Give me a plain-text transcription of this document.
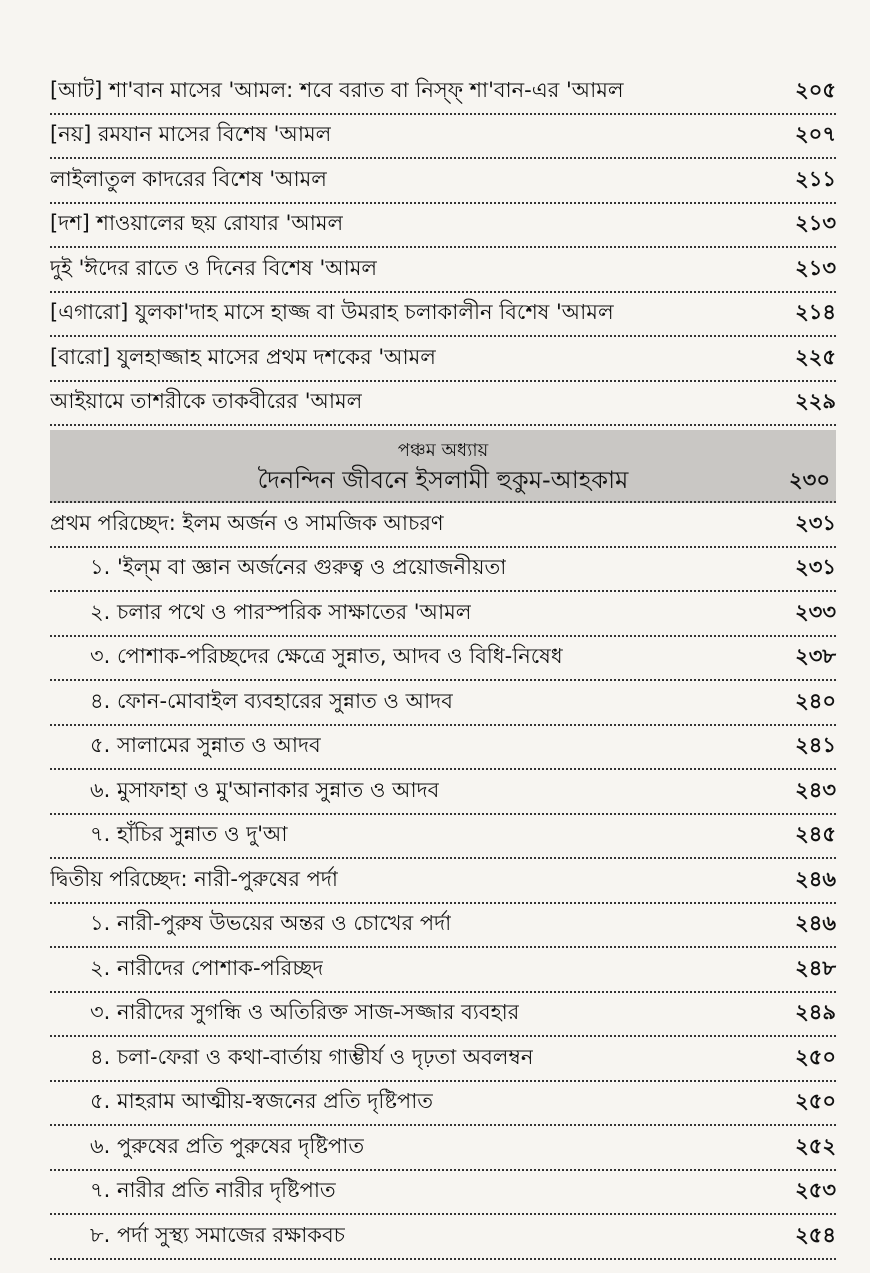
[আট] শা'বান মাসের 'আমল: শবে বরাত বা নিস্‌ফ্ শা'বান-এর 'আমল	২০৫
[নয়] রমযান মাসের বিশেষ 'আমল	২০৭
লাইলাতুল কাদরের বিশেষ 'আমল	২১১
[দশ] শাওয়ালের ছয় রোযার 'আমল	২১৩
দুই 'ঈদের রাতে ও দিনের বিশেষ 'আমল	২১৩
[এগারো] যুলকা'দাহ মাসে হাজ্জ বা উমরাহ চলাকালীন বিশেষ 'আমল	২১৪
[বারো] যুলহাজ্জাহ মাসের প্রথম দশকের 'আমল	২২৫
আইয়ামে তাশরীকে তাকবীরের 'আমল	২২৯
পঞ্চম অধ্যায়
দৈনন্দিন জীবনে ইসলামী হুকুম-আহকাম	২৩০
প্রথম পরিচ্ছেদ: ইলম অর্জন ও সামজিক আচরণ	২৩১
১. 'ইল্‌ম বা জ্ঞান অর্জনের গুরুত্ব ও প্রয়োজনীয়তা	২৩১
২. চলার পথে ও পারস্পরিক সাক্ষাতের 'আমল	২৩৩
৩. পোশাক-পরিচ্ছদের ক্ষেত্রে সুন্নাত, আদব ও বিধি-নিষেধ	২৩৮
৪. ফোন-মোবাইল ব্যবহারের সুন্নাত ও আদব	২৪০
৫. সালামের সুন্নাত ও আদব	২৪১
৬. মুসাফাহা ও মু'আনাকার সুন্নাত ও আদব	২৪৩
৭. হাঁচির সুন্নাত ও দু'আ	২৪৫
দ্বিতীয় পরিচ্ছেদ: নারী-পুরুষের পর্দা	২৪৬
১. নারী-পুরুষ উভয়ের অন্তর ও চোখের পর্দা	২৪৬
২. নারীদের পোশাক-পরিচ্ছদ	২৪৮
৩. নারীদের সুগন্ধি ও অতিরিক্ত সাজ-সজ্জার ব্যবহার	২৪৯
৪. চলা-ফেরা ও কথা-বার্তায় গাম্ভীর্য ও দৃঢ়তা অবলম্বন	২৫০
৫. মাহরাম আত্মীয়-স্বজনের প্রতি দৃষ্টিপাত	২৫০
৬. পুরুষের প্রতি পুরুষের দৃষ্টিপাত	২৫২
৭. নারীর প্রতি নারীর দৃষ্টিপাত	২৫৩
৮. পর্দা সুস্থ্য সমাজের রক্ষাকবচ	২৫৪
